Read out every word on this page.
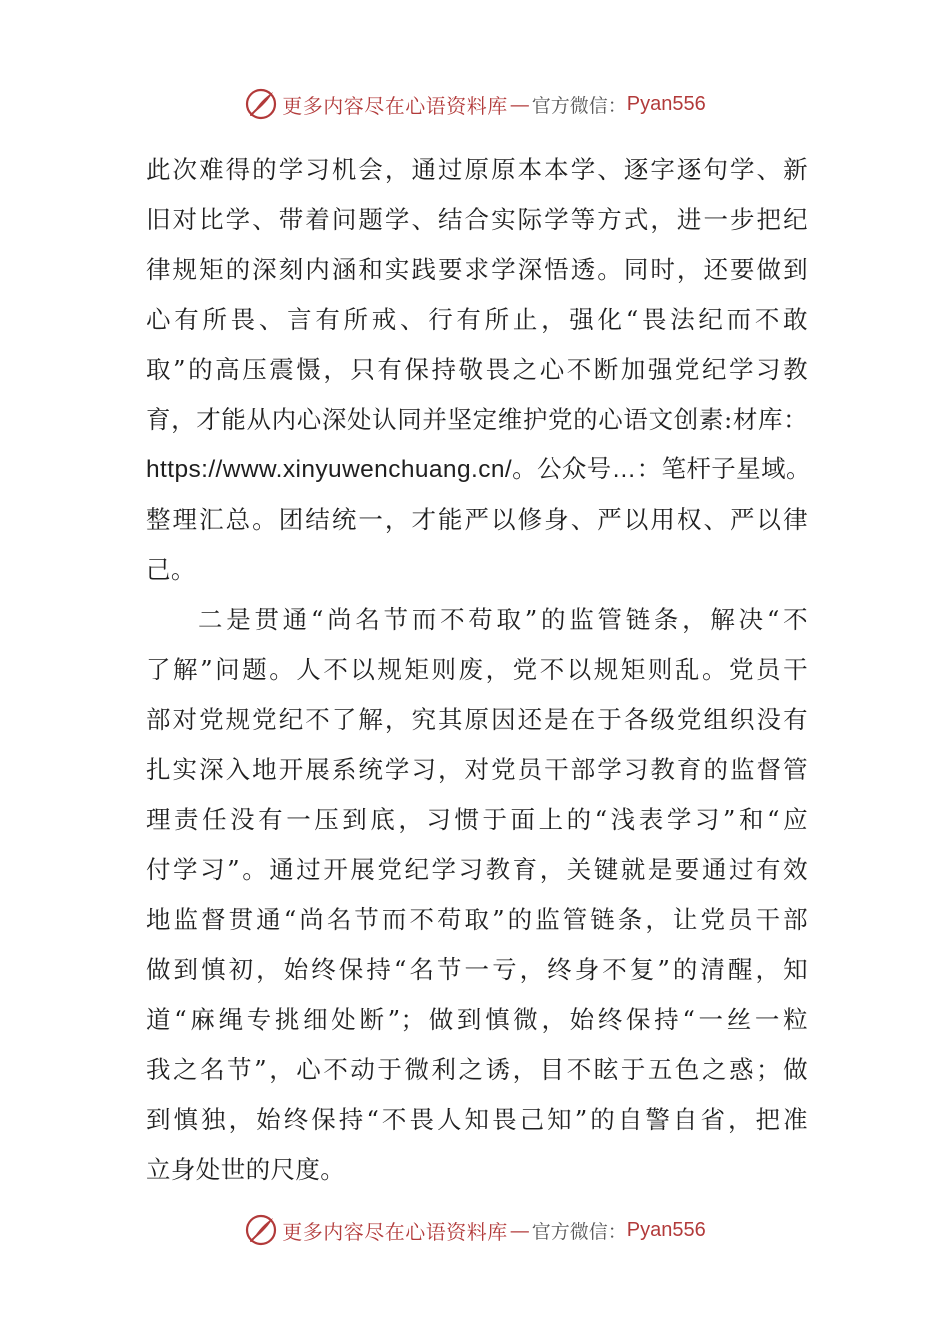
更多内容尽在心语资料库 — 官方微信： Pyan556
此次难得的学习机会，通过原原本本学、逐字逐句学、新
旧对比学、带着问题学、结合实际学等方式，进一步把纪
律规矩的深刻内涵和实践要求学深悟透。同时，还要做到
心有所畏、言有所戒、行有所止，强化“畏法纪而不敢
取”的高压震慑，只有保持敬畏之心不断加强党纪学习教
育，才能从内心深处认同并坚定维护党的心语文创素:材库：
https://www.xinyuwenchuang.cn/。公众号…：笔杆子星域。
整理汇总。团结统一，才能严以修身、严以用权、严以律
己。
二是贯通“尚名节而不苟取”的监管链条，解决“不
了解”问题。人不以规矩则废，党不以规矩则乱。党员干
部对党规党纪不了解，究其原因还是在于各级党组织没有
扎实深入地开展系统学习，对党员干部学习教育的监督管
理责任没有一压到底，习惯于面上的“浅表学习”和“应
付学习”。通过开展党纪学习教育，关键就是要通过有效
地监督贯通“尚名节而不苟取”的监管链条，让党员干部
做到慎初，始终保持“名节一亏，终身不复”的清醒，知
道“麻绳专挑细处断”；做到慎微，始终保持“一丝一粒
我之名节”，心不动于微利之诱，目不眩于五色之惑；做
到慎独，始终保持“不畏人知畏己知”的自警自省，把准
立身处世的尺度。
更多内容尽在心语资料库 — 官方微信： Pyan556
